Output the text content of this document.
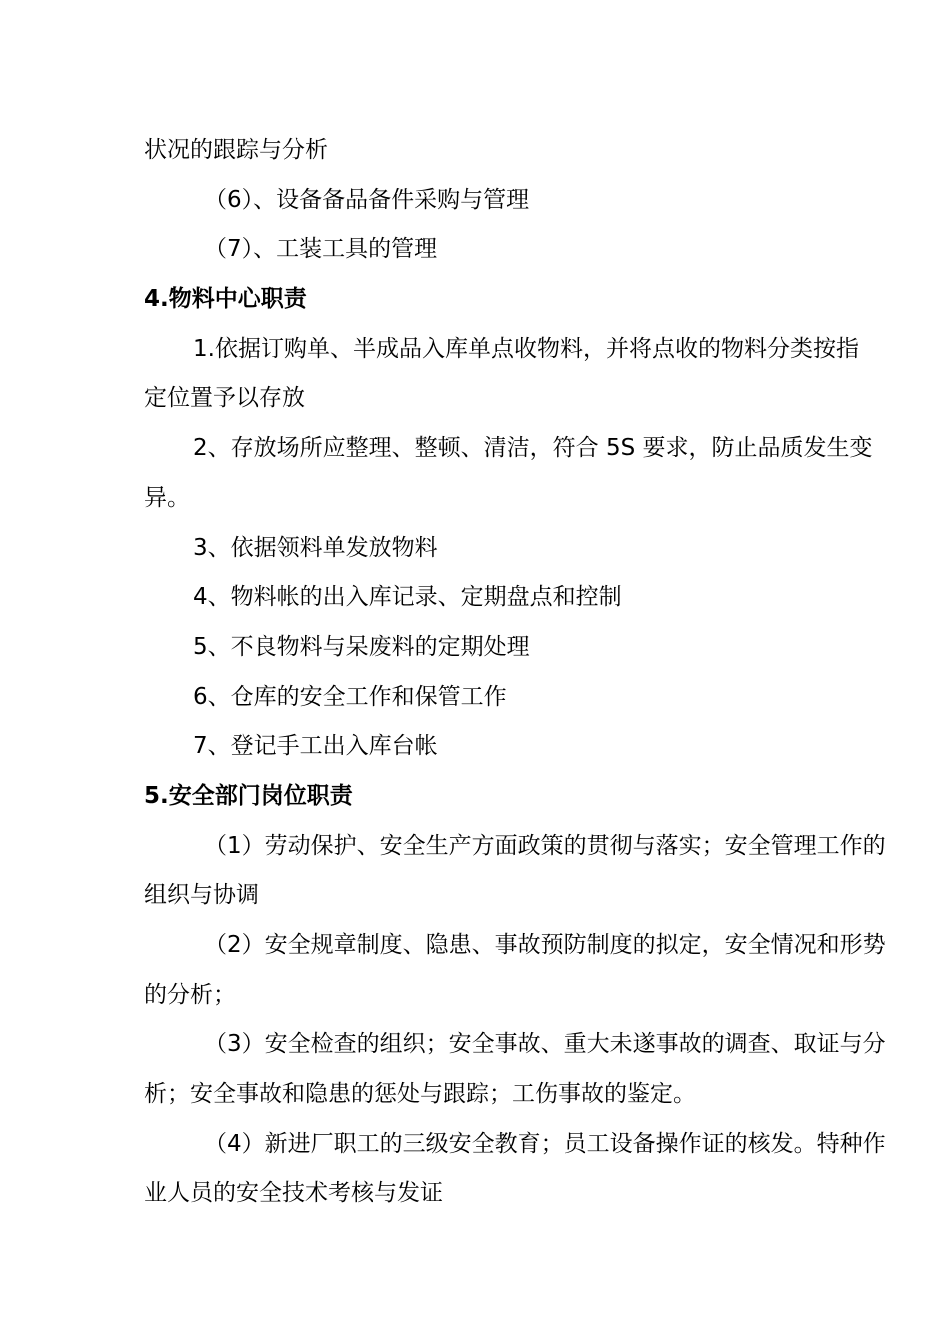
状况的跟踪与分析
（6）、设备备品备件采购与管理
（7）、工装工具的管理
4.物料中心职责
1.依据订购单、半成品入库单点收物料，并将点收的物料分类按指
定位置予以存放
2、存放场所应整理、整顿、清洁，符合 5S 要求，防止品质发生变
异。
3、依据领料单发放物料
4、物料帐的出入库记录、定期盘点和控制
5、不良物料与呆废料的定期处理
6、仓库的安全工作和保管工作
7、登记手工出入库台帐
5.安全部门岗位职责
（1）劳动保护、安全生产方面政策的贯彻与落实；安全管理工作的
组织与协调
（2）安全规章制度、隐患、事故预防制度的拟定，安全情况和形势
的分析；
（3）安全检查的组织；安全事故、重大未遂事故的调查、取证与分
析；安全事故和隐患的惩处与跟踪；工伤事故的鉴定。
（4）新进厂职工的三级安全教育；员工设备操作证的核发。特种作
业人员的安全技术考核与发证
